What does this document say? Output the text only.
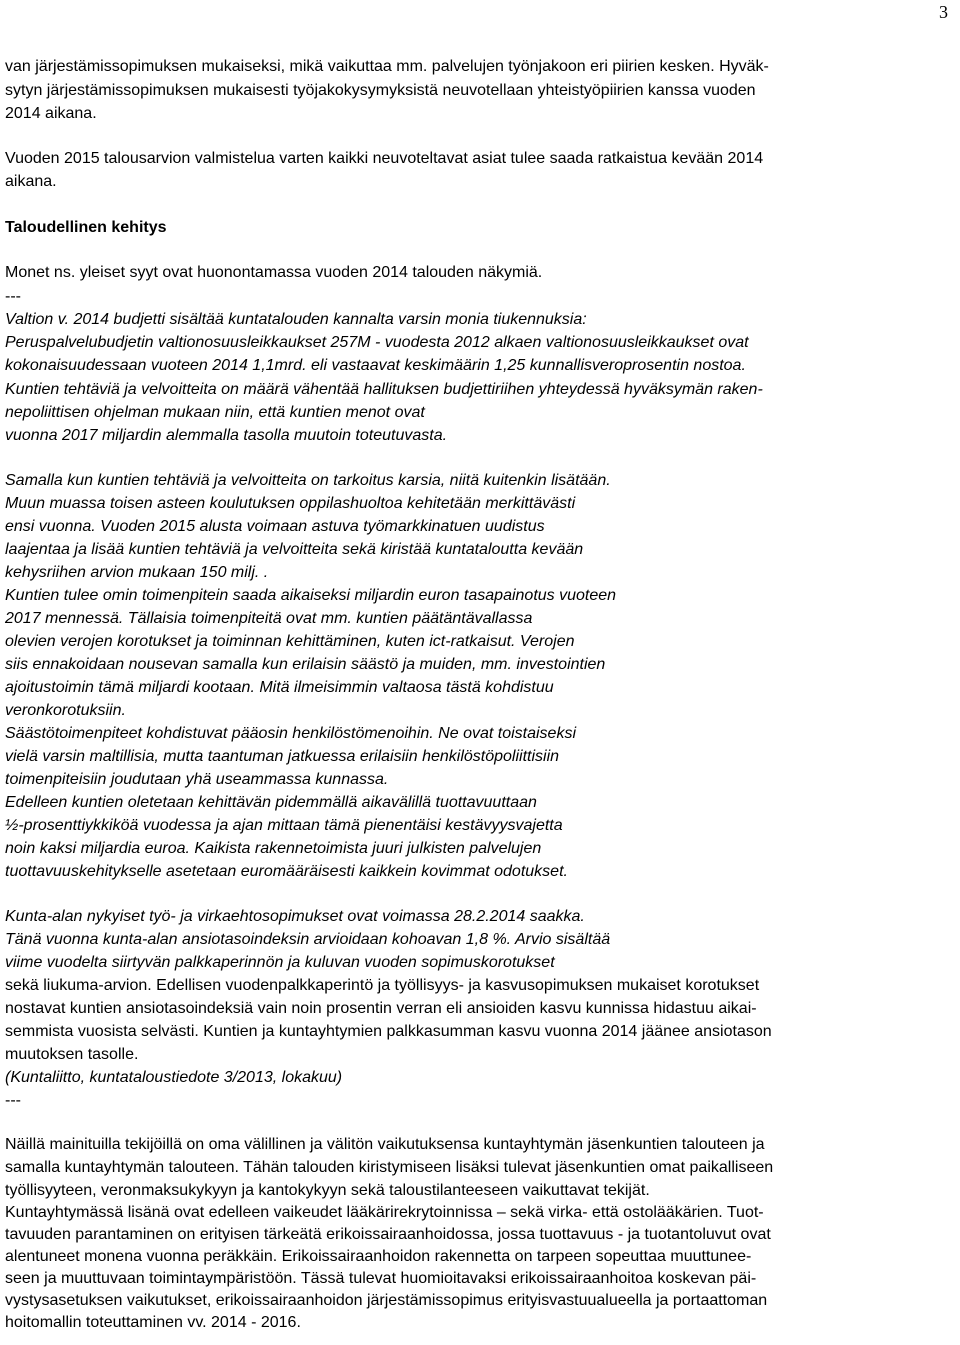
3
van järjestämissopimuksen mukaiseksi, mikä vaikuttaa mm. palvelujen työnjakoon eri piirien kesken. Hyväk-
sytyn järjestämissopimuksen mukaisesti työjakokysymyksistä neuvotellaan yhteistyöpiirien kanssa vuoden
2014 aikana.
Vuoden 2015 talousarvion valmistelua varten kaikki neuvoteltavat asiat tulee saada ratkaistua kevään 2014
aikana.
Taloudellinen kehitys
Monet ns. yleiset syyt ovat huonontamassa vuoden 2014 talouden näkymiä.
---
Valtion v. 2014 budjetti sisältää kuntatalouden kannalta varsin monia tiukennuksia:
Peruspalvelubudjetin valtionosuusleikkaukset 257M - vuodesta 2012 alkaen valtionosuusleikkaukset ovat
kokonaisuudessaan vuoteen 2014 1,1mrd. eli vastaavat keskimäärin 1,25 kunnallisveroprosentin nostoa.
Kuntien tehtäviä ja velvoitteita on määrä vähentää hallituksen budjettiriihen yhteydessä hyväksymän raken-
nepoliittisen ohjelman mukaan niin, että kuntien menot ovat
vuonna 2017 miljardin alemmalla tasolla muutoin toteutuvasta.
Samalla kun kuntien tehtäviä ja velvoitteita on tarkoitus karsia, niitä kuitenkin lisätään.
Muun muassa toisen asteen koulutuksen oppilashuoltoa kehitetään merkittävästi
ensi vuonna. Vuoden 2015 alusta voimaan astuva työmarkkinatuen uudistus
laajentaa ja lisää kuntien tehtäviä ja velvoitteita sekä kiristää kuntataloutta kevään
kehysriihen arvion mukaan 150 milj. .
Kuntien tulee omin toimenpitein saada aikaiseksi miljardin euron tasapainotus vuoteen
2017 mennessä. Tällaisia toimenpiteitä ovat mm. kuntien päätäntävallassa
olevien verojen korotukset ja toiminnan kehittäminen, kuten ict-ratkaisut. Verojen
siis ennakoidaan nousevan samalla kun erilaisin säästö ja muiden, mm. investointien
ajoitustoimin tämä miljardi kootaan. Mitä ilmeisimmin valtaosa tästä kohdistuu
veronkorotuksiin.
Säästötoimenpiteet kohdistuvat pääosin henkilöstömenoihin. Ne ovat toistaiseksi
vielä varsin maltillisia, mutta taantuman jatkuessa erilaisiin henkilöstöpoliittisiin
toimenpiteisiin joudutaan yhä useammassa kunnassa.
Edelleen kuntien oletetaan kehittävän pidemmällä aikavälillä tuottavuuttaan
½-prosenttiykkiköä vuodessa ja ajan mittaan tämä pienentäisi kestävyysvajetta
noin kaksi miljardia euroa. Kaikista rakennetoimista juuri julkisten palvelujen
tuottavuuskehitykselle asetetaan euromääräisesti kaikkein kovimmat odotukset.
Kunta-alan nykyiset työ- ja virkaehtosopimukset ovat voimassa 28.2.2014 saakka.
Tänä vuonna kunta-alan ansiotasoindeksin arvioidaan kohoavan 1,8 %. Arvio sisältää
viime vuodelta siirtyvän palkkaperinnön ja kuluvan vuoden sopimuskorotukset
sekä liukuma-arvion. Edellisen vuodenpalkkaperintö ja työllisyys- ja kasvusopimuksen mukaiset korotukset
nostavat kuntien ansiotasoindeksiä vain noin prosentin verran eli ansioiden kasvu kunnissa hidastuu aikai-
semmista vuosista selvästi. Kuntien ja kuntayhtymien palkkasumman kasvu vuonna 2014 jäänee ansiotason
muutoksen tasolle.
(Kuntaliitto, kuntataloustiedote 3/2013, lokakuu)
---
Näillä mainituilla tekijöillä on oma välillinen ja välitön vaikutuksensa kuntayhtymän jäsenkuntien talouteen ja
samalla kuntayhtymän talouteen. Tähän talouden kiristymiseen lisäksi tulevat jäsenkuntien omat paikalliseen
työllisyyteen, veronmaksukykyyn ja kantokykyyn sekä taloustilanteeseen vaikuttavat tekijät.
Kuntayhtymässä lisänä ovat edelleen vaikeudet lääkärirekrytoinnissa – sekä virka- että ostolääkärien. Tuot-
tavuuden parantaminen on erityisen tärkeätä erikoissairaanhoidossa, jossa tuottavuus - ja tuotantoluvut ovat
alentuneet monena vuonna peräkkäin. Erikoissairaanhoidon rakennetta on tarpeen sopeuttaa muuttunee-
seen ja muuttuvaan toimintaympäristöön. Tässä tulevat huomioitavaksi erikoissairaanhoitoa koskevan päi-
vystysasetuksen vaikutukset, erikoissairaanhoidon järjestämissopimus erityisvastuualueella ja portaattoman
hoitomallin toteuttaminen vv. 2014 - 2016.
